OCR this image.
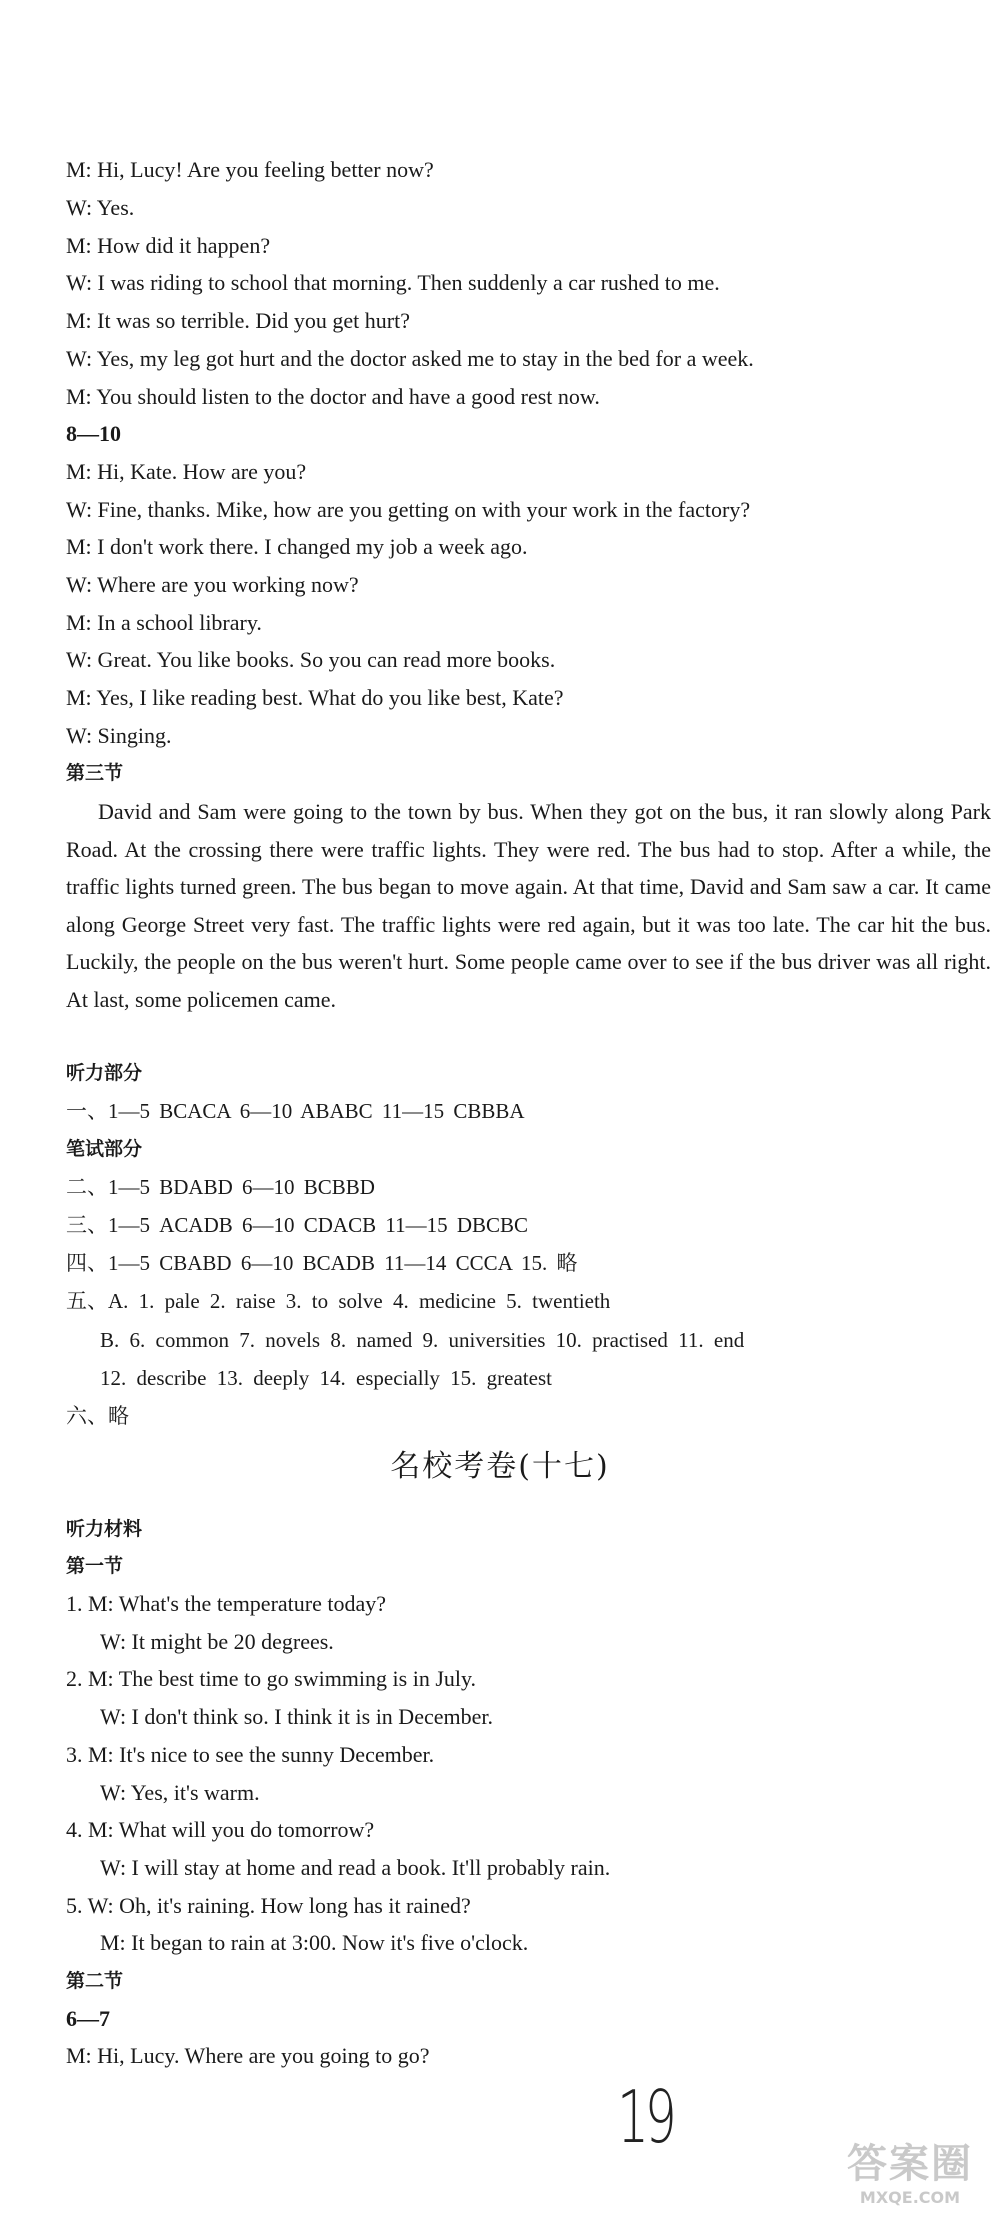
M: Hi, Lucy! Are you feeling better now?
W: Yes.
M: How did it happen?
W: I was riding to school that morning. Then suddenly a car rushed to me.
M: It was so terrible. Did you get hurt?
W: Yes, my leg got hurt and the doctor asked me to stay in the bed for a week.
M: You should listen to the doctor and have a good rest now.
8—10
M: Hi, Kate. How are you?
W: Fine, thanks. Mike, how are you getting on with your work in the factory?
M: I don't work there. I changed my job a week ago.
W: Where are you working now?
M: In a school library.
W: Great. You like books. So you can read more books.
M: Yes, I like reading best. What do you like best, Kate?
W: Singing.
第三节
David and Sam were going to the town by bus. When they got on the bus, it ran slowly along Park Road. At the crossing there were traffic lights. They were red. The bus had to stop. After a while, the traffic lights turned green. The bus began to move again. At that time, David and Sam saw a car. It came along George Street very fast. The traffic lights were red again, but it was too late. The car hit the bus. Luckily, the people on the bus weren't hurt. Some people came over to see if the bus driver was all right. At last, some policemen came.
听力部分
一、1—5 BCACA 6—10 ABABC 11—15 CBBBA
笔试部分
二、1—5 BDABD 6—10 BCBBD
三、1—5 ACADB 6—10 CDACB 11—15 DBCBC
四、1—5 CBABD 6—10 BCADB 11—14 CCCA 15. 略
五、A. 1. pale 2. raise 3. to solve 4. medicine 5. twentieth
B. 6. common 7. novels 8. named 9. universities 10. practised 11. end
12. describe 13. deeply 14. especially 15. greatest
六、略
名校考卷(十七)
听力材料
第一节
1. M: What's the temperature today?
W: It might be 20 degrees.
2. M: The best time to go swimming is in July.
W: I don't think so. I think it is in December.
3. M: It's nice to see the sunny December.
W: Yes, it's warm.
4. M: What will you do tomorrow?
W: I will stay at home and read a book. It'll probably rain.
5. W: Oh, it's raining. How long has it rained?
M: It began to rain at 3:00. Now it's five o'clock.
第二节
6—7
M: Hi, Lucy. Where are you going to go?
19
答案圈
MXQE.COM
